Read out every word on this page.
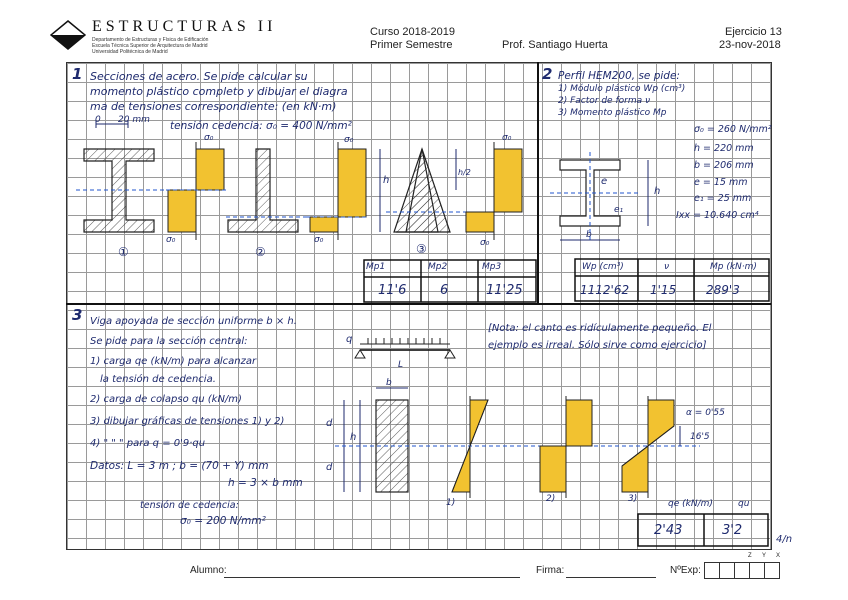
ESTRUCTURAS II
Departamento de Estructuras y Física de Edificación
Escuela Técnica Superior de Arquitectura de Madrid
Universidad Politécnica de Madrid
Curso 2018-2019
Primer Semestre	Prof. Santiago Huerta
Ejercicio 13
23-nov-2018
1 Secciones de acero. Se pide calcular su
momento plástico completo y dibujar el diagra
ma de tensiones correspondiente: (en kN·m)
0 20 mm tensión cedencia: σ₀ = 400 N/mm²
σ₀
σ₀
σ₀
σ₀
σ₀
σ₀
h
h/2
①	②	③
Mp1	Mp2	Mp3
11'6	6	11'25
2 Perfil HEM200, se pide:
1) Módulo plástico Wp (cm³)
2) Factor de forma ν
3) Momento plástico Mp
e
e₁
h
b
σ₀ = 260 N/mm²
h = 220 mm
b = 206 mm
e = 15 mm
e₁ = 25 mm
Ixx = 10.640 cm⁴
Wp (cm³)	ν	Mp (kN·m)
1112'62 1'15 289'3
3 Viga apoyada de sección uniforme b × h.
Se pide para la sección central:
1) carga qe (kN/m) para alcanzar
la tensión de cedencia.
2) carga de colapso qu (kN/m)
3) dibujar gráficas de tensiones 1) y 2)
4) " " " para q = 0'9·qu
Datos: L = 3 m ; b = (70 + Y) mm
h = 3 × b mm
tensión de cedencia:
σ₀ = 200 N/mm²
[Nota: el canto es ridículamente pequeño. El ejemplo es irreal. Sólo sirve como ejercicio]
q
L
b
h
d
d
1)	2)	3)
α = 0'55
16'5
qe (kN/m)	qu
2'43	3'2
4/n
Alumno:	Firma:	NºExp:
Z Y X
